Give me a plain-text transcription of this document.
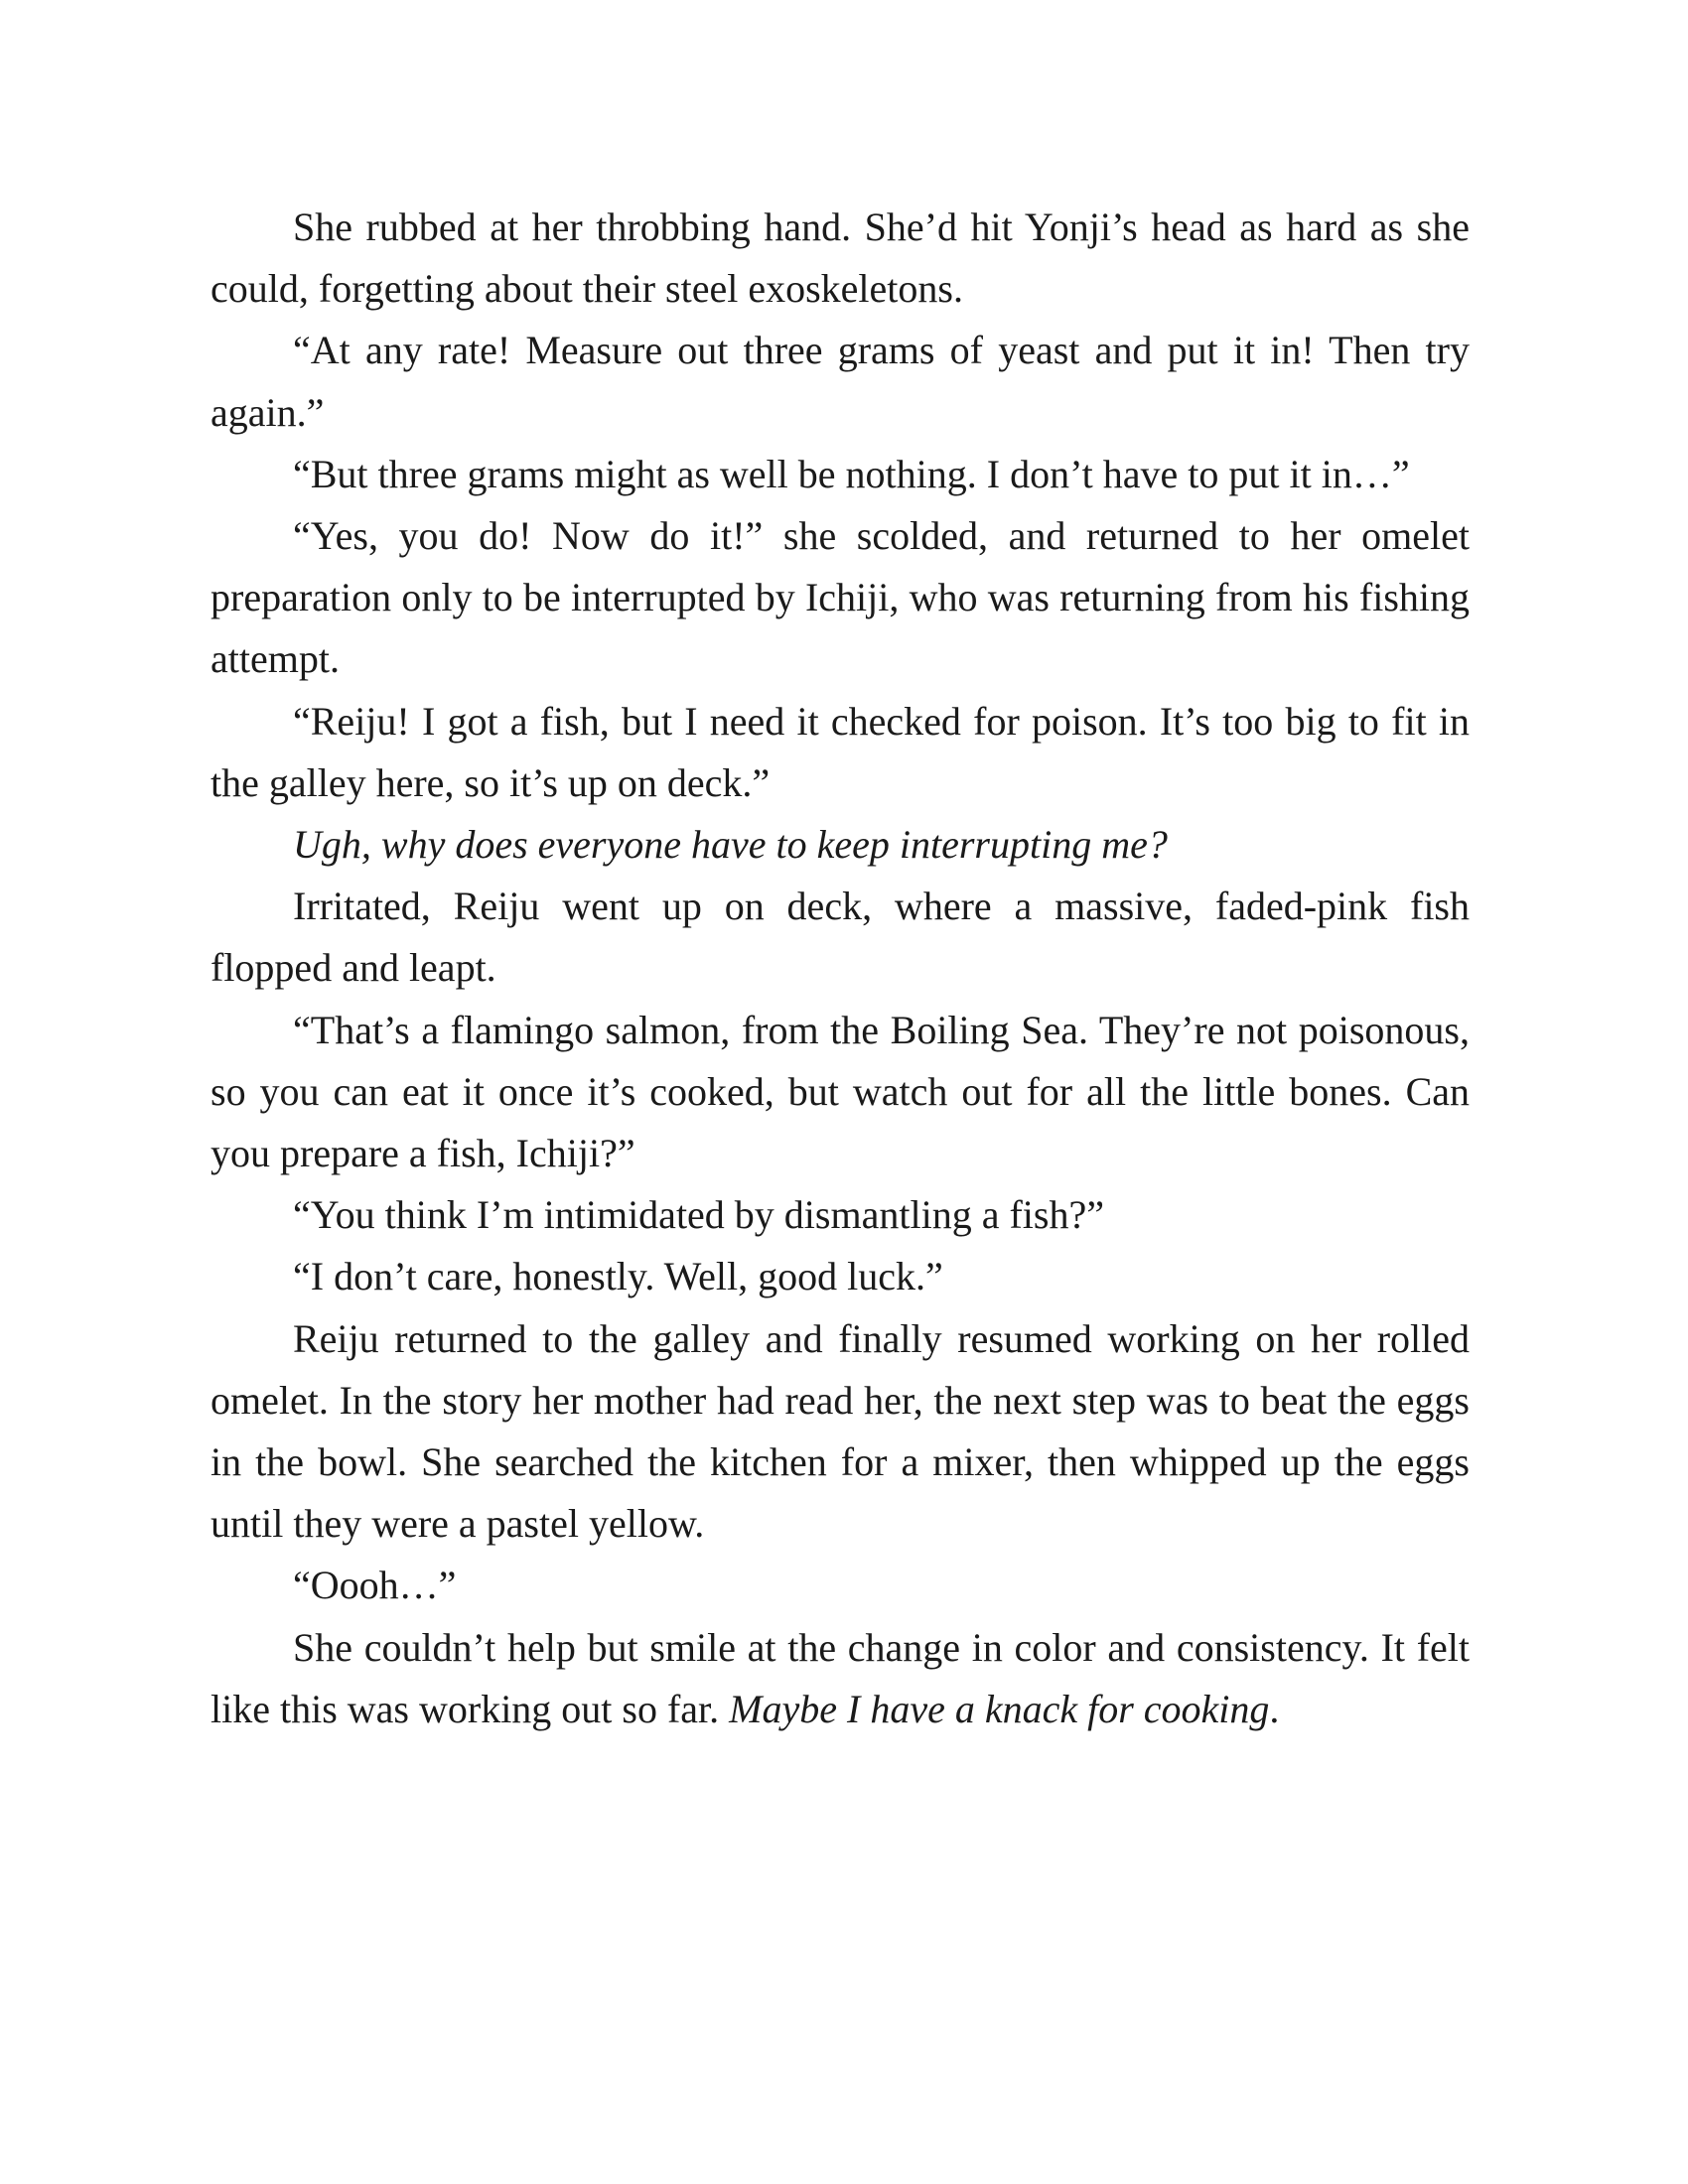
She rubbed at her throbbing hand. She’d hit Yonji’s head as hard as she could, forgetting about their steel exoskeletons.

“At any rate! Measure out three grams of yeast and put it in! Then try again.”

“But three grams might as well be nothing. I don’t have to put it in…”

“Yes, you do! Now do it!” she scolded, and returned to her omelet preparation only to be interrupted by Ichiji, who was returning from his fishing attempt.

“Reiju! I got a fish, but I need it checked for poison. It’s too big to fit in the galley here, so it’s up on deck.”

Ugh, why does everyone have to keep interrupting me?

Irritated, Reiju went up on deck, where a massive, faded-pink fish flopped and leapt.

“That’s a flamingo salmon, from the Boiling Sea. They’re not poisonous, so you can eat it once it’s cooked, but watch out for all the little bones. Can you prepare a fish, Ichiji?”

“You think I’m intimidated by dismantling a fish?”

“I don’t care, honestly. Well, good luck.”

Reiju returned to the galley and finally resumed working on her rolled omelet. In the story her mother had read her, the next step was to beat the eggs in the bowl. She searched the kitchen for a mixer, then whipped up the eggs until they were a pastel yellow.

“Oooh…”

She couldn’t help but smile at the change in color and consistency. It felt like this was working out so far. Maybe I have a knack for cooking.
